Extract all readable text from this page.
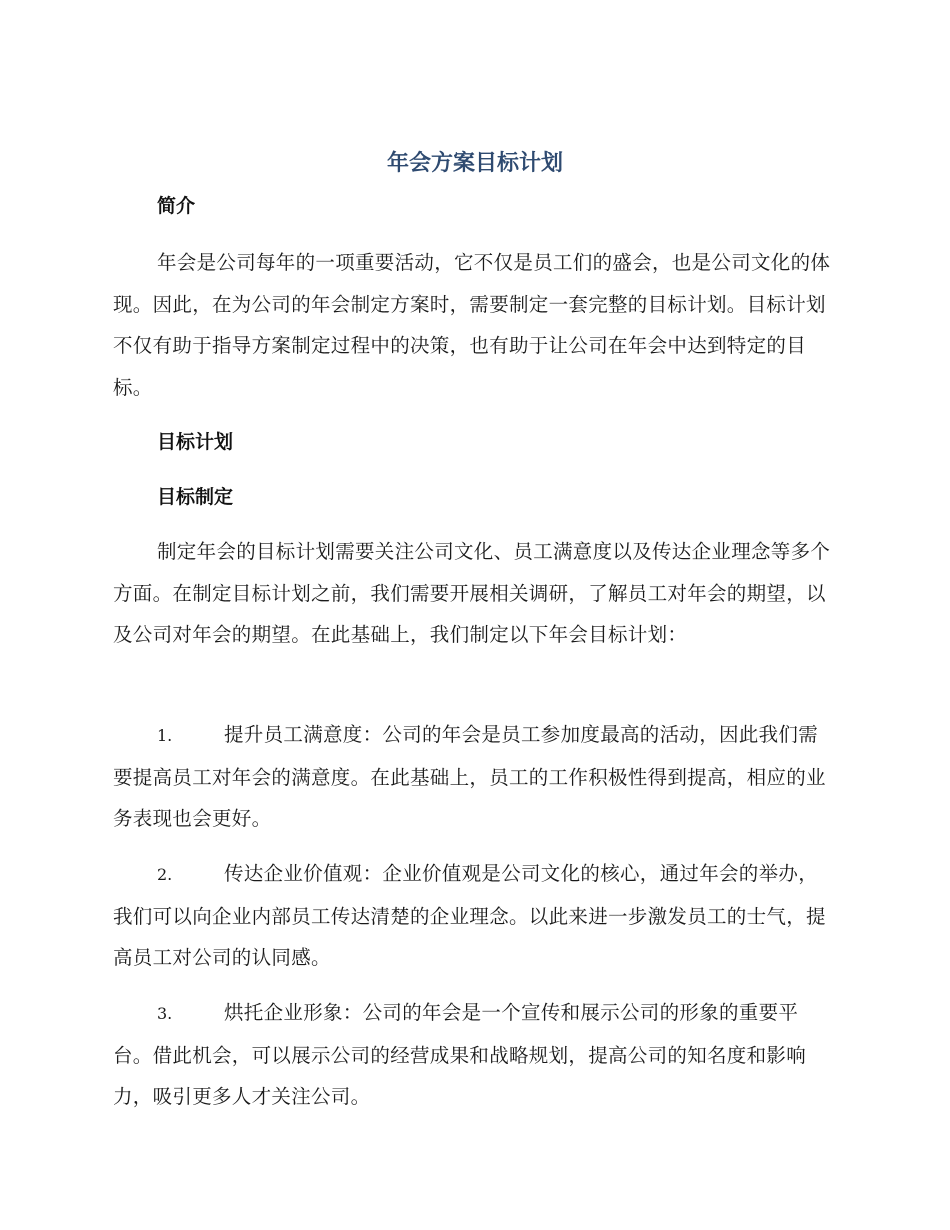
年会方案目标计划
简介

年会是公司每年的一项重要活动，它不仅是员工们的盛会，也是公司文化的体现。因此，在为公司的年会制定方案时，需要制定一套完整的目标计划。目标计划不仅有助于指导方案制定过程中的决策，也有助于让公司在年会中达到特定的目标。

目标计划
目标制定

制定年会的目标计划需要关注公司文化、员工满意度以及传达企业理念等多个方面。在制定目标计划之前，我们需要开展相关调研，了解员工对年会的期望，以及公司对年会的期望。在此基础上，我们制定以下年会目标计划：

1.	提升员工满意度：公司的年会是员工参加度最高的活动，因此我们需要提高员工对年会的满意度。在此基础上，员工的工作积极性得到提高，相应的业务表现也会更好。
2.	传达企业价值观：企业价值观是公司文化的核心，通过年会的举办，我们可以向企业内部员工传达清楚的企业理念。以此来进一步激发员工的士气，提高员工对公司的认同感。
3.	烘托企业形象：公司的年会是一个宣传和展示公司的形象的重要平台。借此机会，可以展示公司的经营成果和战略规划，提高公司的知名度和影响力，吸引更多人才关注公司。
